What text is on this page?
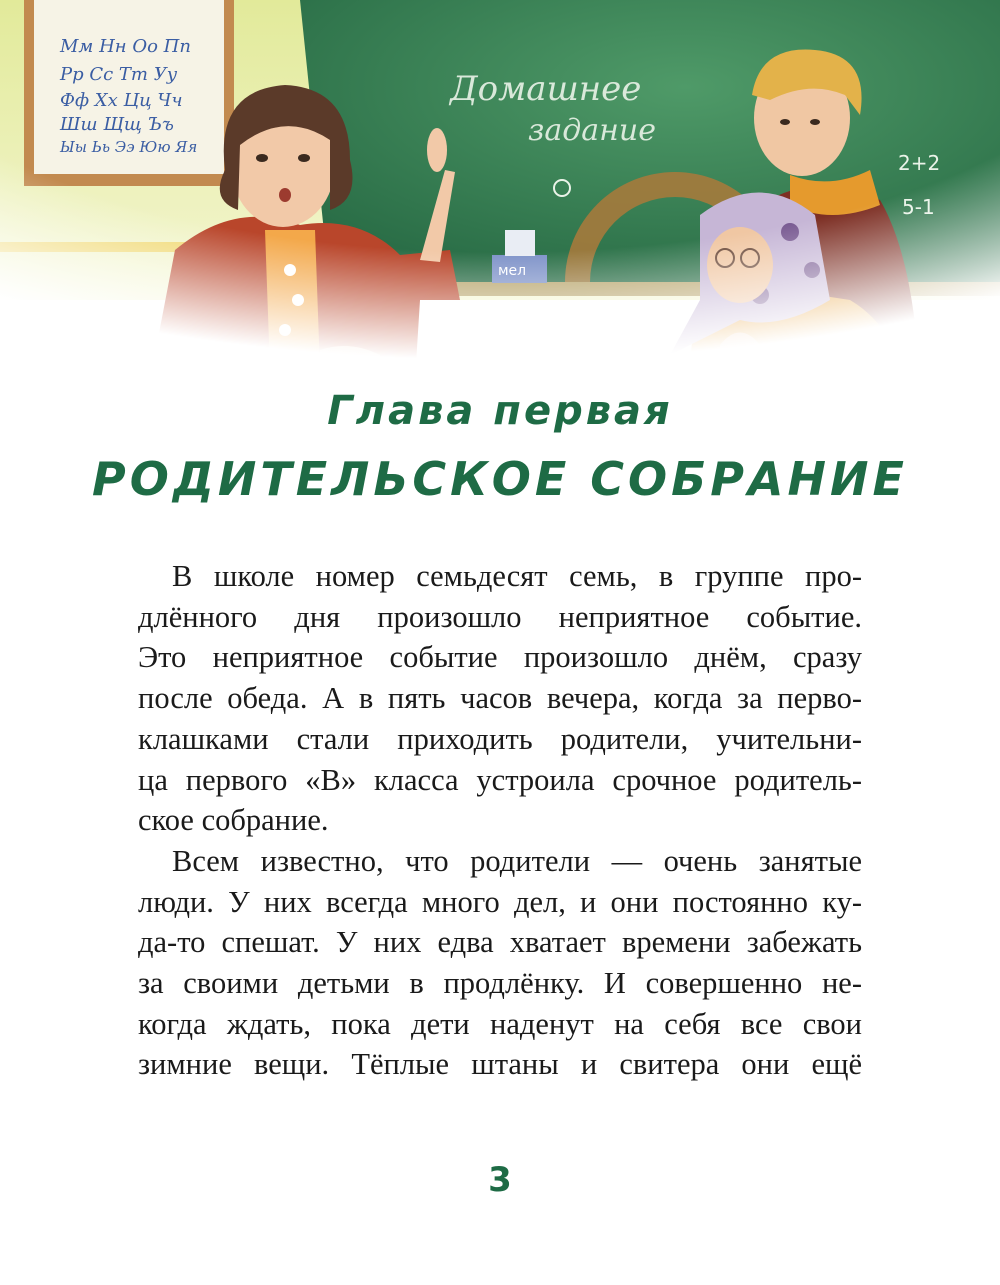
Глава первая
РОДИТЕЛЬСКОЕ СОБРАНИЕ

В школе номер семьдесят семь, в группе про-
длённого дня произошло неприятное событие.
Это неприятное событие произошло днём, сразу
после обеда. А в пять часов вечера, когда за перво-
клашками стали приходить родители, учительни-
ца первого «В» класса устроила срочное родитель-
ское собрание.

Всем известно, что родители — очень занятые
люди. У них всегда много дел, и они постоянно ку-
да-то спешат. У них едва хватает времени забежать
за своими детьми в продлёнку. И совершенно не-
когда ждать, пока дети наденут на себя все свои
зимние вещи. Тёплые штаны и свитера они ещё

3
